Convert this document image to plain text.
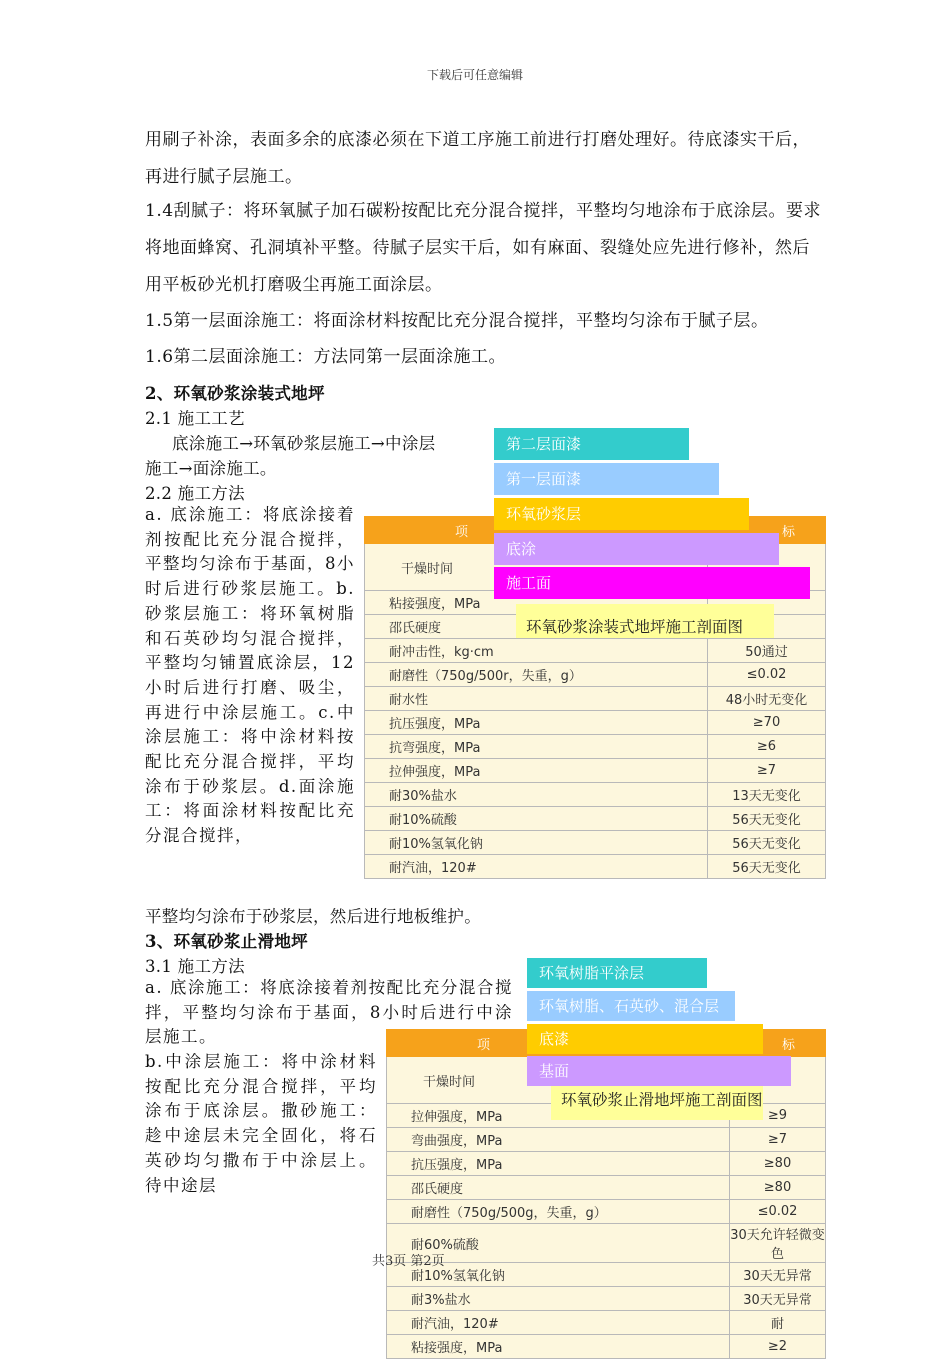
下载后可任意编辑
用刷子补涂，表面多余的底漆必须在下道工序施工前进行打磨处理好。待底漆实干后，再进行腻子层施工。
1.4刮腻子：将环氧腻子加石碳粉按配比充分混合搅拌，平整均匀地涂布于底涂层。要求将地面蜂窝、孔洞填补平整。待腻子层实干后，如有麻面、裂缝处应先进行修补，然后用平板砂光机打磨吸尘再施工面涂层。
1.5第一层面涂施工：将面涂材料按配比充分混合搅拌，平整均匀涂布于腻子层。
1.6第二层面涂施工：方法同第一层面涂施工。
2、环氧砂浆涂装式地坪
2.1 施工工艺
底涂施工→环氧砂浆层施工→中涂层
施工→面涂施工。
2.2 施工方法
a. 底涂施工：将底涂接着剂按配比充分混合搅拌，平整均匀涂布于基面，8小时后进行砂浆层施工。b. 砂浆层施工：将环氧树脂和石英砂均匀混合搅拌，平整均匀铺置底涂层，12小时后进行打磨、吸尘，再进行中涂层施工。c.中涂层施工：将中涂材料按配比充分混合搅拌，平均涂布于砂浆层。d.面涂施工：将面涂材料按配比充分混合搅拌，
平整均匀涂布于砂浆层，然后进行地板维护。
项	标
干燥时间	
粘接强度，MPa	
邵氏硬度	
耐冲击性，kg·cm	50通过
耐磨性（750g/500r，失重，g）	≤0.02
耐水性	48小时无变化
抗压强度，MPa	≥70
抗弯强度，MPa	≥6
拉伸强度，MPa	≥7
耐30%盐水	13天无变化
耐10%硫酸	56天无变化
耐10%氢氧化钠	56天无变化
耐汽油，120#	56天无变化
第二层面漆
第一层面漆
环氧砂浆层
底涂
施工面
环氧砂浆涂装式地坪施工剖面图
3、环氧砂浆止滑地坪
3.1 施工方法
a. 底涂施工：将底涂接着剂按配比充分混合搅拌，平整均匀涂布于基面，8小时后进行中涂层施工。
b.中涂层施工：将中涂材料按配比充分混合搅拌，平均涂布于底涂层。撒砂施工：趁中途层未完全固化，将石英砂均匀撒布于中涂层上。待中途层
项	标
干燥时间	
拉伸强度，MPa	≥9
弯曲强度，MPa	≥7
抗压强度，MPa	≥80
邵氏硬度	≥80
耐磨性（750g/500g，失重，g）	≤0.02
耐60%硫酸	30天允许轻微变色
耐10%氢氧化钠	30天无异常
耐3%盐水	30天无异常
耐汽油，120#	耐
粘接强度，MPa	≥2
环氧树脂平涂层
环氧树脂、石英砂、混合层
底漆
基面
环氧砂浆止滑地坪施工剖面图
共3页 第2页
